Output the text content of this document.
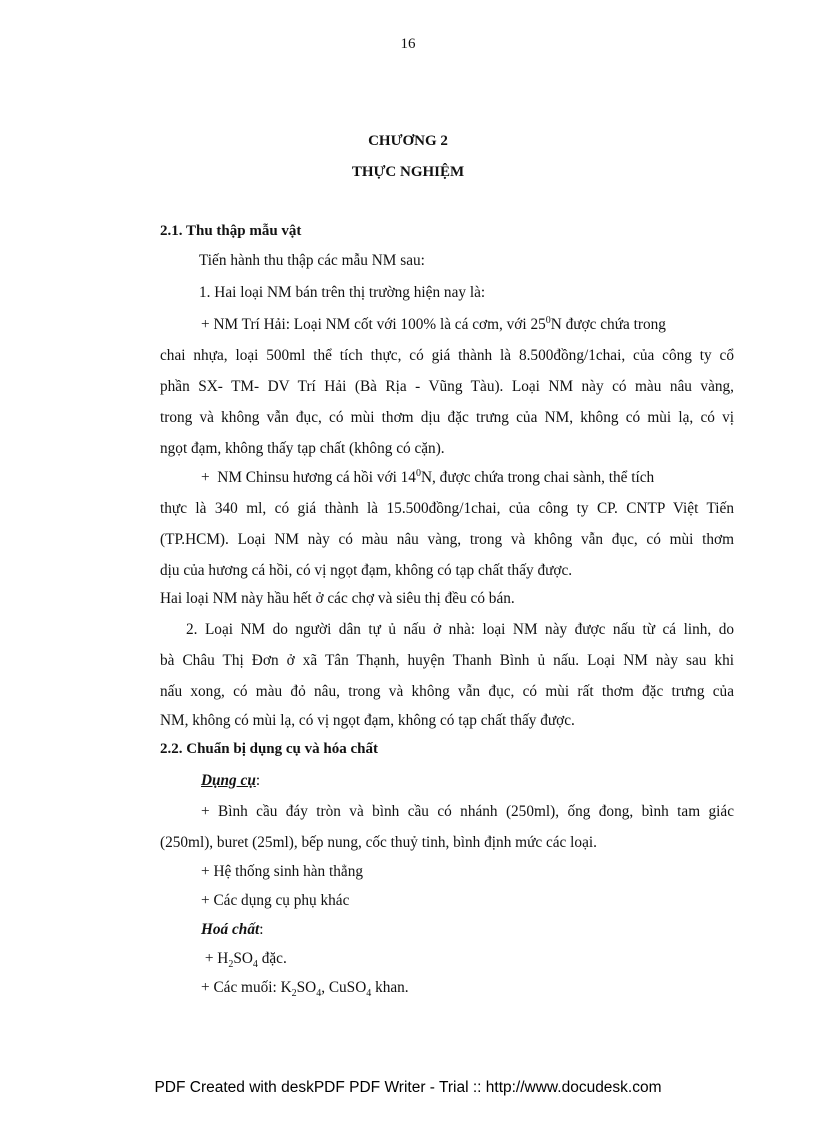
16
CHƯƠNG 2
THỰC NGHIỆM
2.1. Thu thập mẫu vật
Tiến hành thu thập các mẫu NM sau:
1. Hai loại NM bán trên thị trường hiện nay là:
+ NM Trí Hải: Loại NM cốt với 100% là cá cơm, với $25^0N$ được chứa trong
chai nhựa, loại 500ml thể tích thực, có giá thành là 8.500đồng/1chai, của công ty cổ
phần SX- TM- DV Trí Hải (Bà Rịa - Vũng Tàu). Loại NM này có màu nâu vàng,
trong và không vẫn đục, có mùi thơm dịu đặc trưng của NM, không có mùi lạ, có vị
ngọt đạm, không thấy tạp chất (không có cặn).
+  NM Chinsu hương cá hồi với $14^0N$, được chứa trong chai sành, thể tích
thực là 340 ml, có giá thành là 15.500đồng/1chai, của công ty CP. CNTP Việt Tiến
(TP.HCM). Loại NM này có màu nâu vàng, trong và không vẫn đục, có mùi thơm
dịu của hương cá hồi, có vị ngọt đạm, không có tạp chất thấy được.
Hai loại NM này hầu hết ở các chợ và siêu thị đều có bán.
2. Loại NM do người dân tự ủ nấu ở nhà: loại NM này được nấu từ cá linh, do
bà Châu Thị Đơn ở xã Tân Thạnh, huyện Thanh Bình ủ nấu. Loại NM này sau khi
nấu xong, có màu đỏ nâu, trong và không vẫn đục, có mùi rất thơm đặc trưng của
NM, không có mùi lạ, có vị ngọt đạm, không có tạp chất thấy được.
2.2. Chuẩn bị dụng cụ và hóa chất
Dụng cụ:
+ Bình cầu đáy tròn và bình cầu có nhánh (250ml), ống đong, bình tam giác
(250ml), buret (25ml), bếp nung, cốc thuỷ tinh, bình định mức các loại.
+ Hệ thống sinh hàn thẳng
+ Các dụng cụ phụ khác
Hoá chất:
+ $H_2SO_4$ đặc.
+ Các muối: $K_2SO_4$, CuSO$_4$ khan.
PDF Created with deskPDF PDF Writer - Trial :: http://www.docudesk.com
